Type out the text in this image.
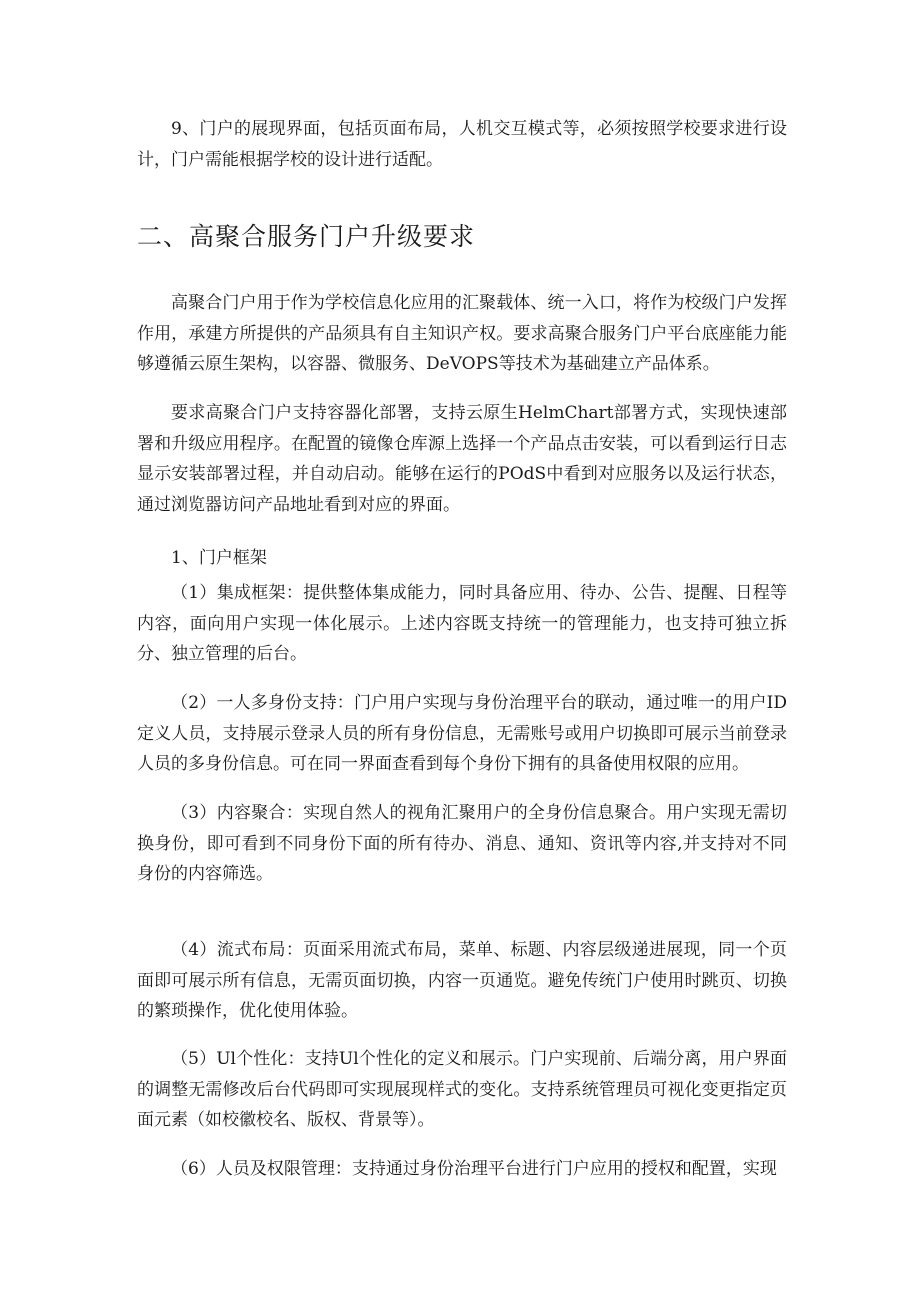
9、门户的展现界面，包括页面布局，人机交互模式等，必须按照学校要求进行设计，门户需能根据学校的设计进行适配。

二、高聚合服务门户升级要求

高聚合门户用于作为学校信息化应用的汇聚载体、统一入口，将作为校级门户发挥作用，承建方所提供的产品须具有自主知识产权。要求高聚合服务门户平台底座能力能够遵循云原生架构，以容器、微服务、DeVOPS等技术为基础建立产品体系。

要求高聚合门户支持容器化部署，支持云原生HelmChart部署方式，实现快速部署和升级应用程序。在配置的镜像仓库源上选择一个产品点击安装，可以看到运行日志显示安装部署过程，并自动启动。能够在运行的POdS中看到对应服务以及运行状态，通过浏览器访问产品地址看到对应的界面。

1、门户框架

（1）集成框架：提供整体集成能力，同时具备应用、待办、公告、提醒、日程等内容，面向用户实现一体化展示。上述内容既支持统一的管理能力，也支持可独立拆分、独立管理的后台。

（2）一人多身份支持：门户用户实现与身份治理平台的联动，通过唯一的用户ID定义人员，支持展示登录人员的所有身份信息，无需账号或用户切换即可展示当前登录人员的多身份信息。可在同一界面查看到每个身份下拥有的具备使用权限的应用。

（3）内容聚合：实现自然人的视角汇聚用户的全身份信息聚合。用户实现无需切换身份，即可看到不同身份下面的所有待办、消息、通知、资讯等内容,并支持对不同身份的内容筛选。

（4）流式布局：页面采用流式布局，菜单、标题、内容层级递进展现，同一个页面即可展示所有信息，无需页面切换，内容一页通览。避免传统门户使用时跳页、切换的繁琐操作，优化使用体验。

（5）Ul个性化：支持Ul个性化的定义和展示。门户实现前、后端分离，用户界面的调整无需修改后台代码即可实现展现样式的变化。支持系统管理员可视化变更指定页面元素（如校徽校名、版权、背景等）。

（6）人员及权限管理：支持通过身份治理平台进行门户应用的授权和配置，实现
